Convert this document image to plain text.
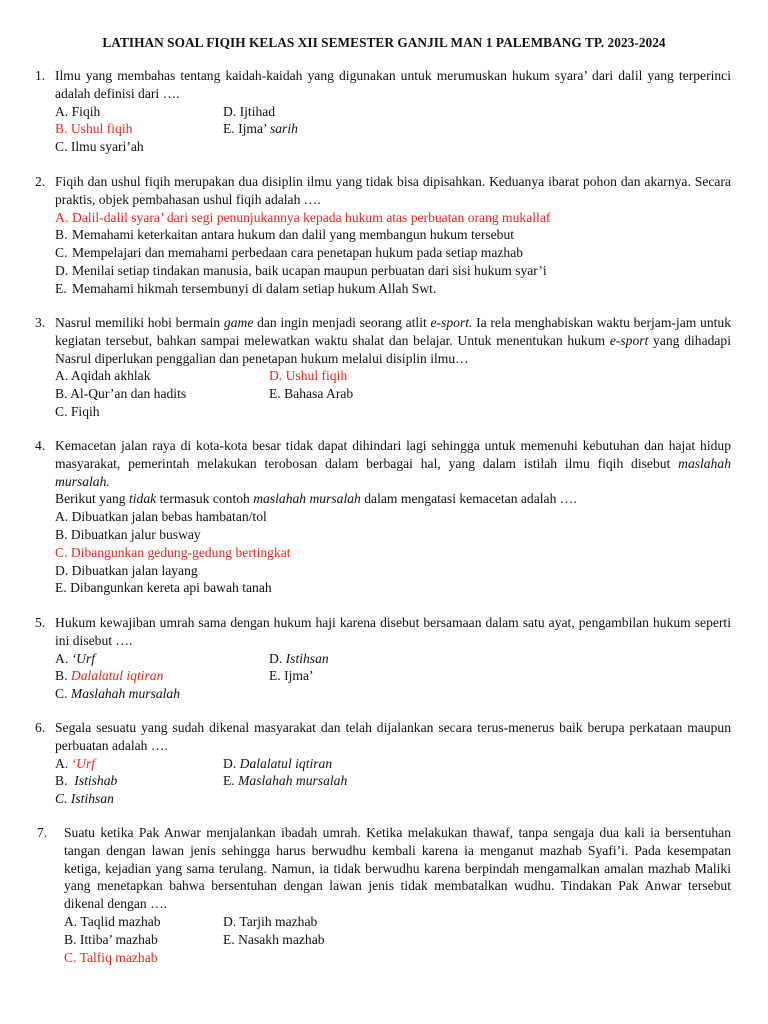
LATIHAN SOAL FIQIH KELAS XII SEMESTER GANJIL MAN 1 PALEMBANG TP. 2023-2024
1. Ilmu yang membahas tentang kaidah-kaidah yang digunakan untuk merumuskan hukum syara’ dari dalil yang terperinci adalah definisi dari ….
A. Fiqih	D. Ijtihad
B. Ushul fiqih	E. Ijma’ sarih
C. Ilmu syari’ah
2. Fiqih dan ushul fiqih merupakan dua disiplin ilmu yang tidak bisa dipisahkan. Keduanya ibarat pohon dan akarnya. Secara praktis, objek pembahasan ushul fiqih adalah ….
A. Dalil-dalil syara’ dari segi penunjukannya kepada hukum atas perbuatan orang mukallaf
B. Memahami keterkaitan antara hukum dan dalil yang membangun hukum tersebut
C. Mempelajari dan memahami perbedaan cara penetapan hukum pada setiap mazhab
D. Menilai setiap tindakan manusia, baik ucapan maupun perbuatan dari sisi hukum syar’i
E. Memahami hikmah tersembunyi di dalam setiap hukum Allah Swt.
3. Nasrul memiliki hobi bermain game dan ingin menjadi seorang atlit e-sport. Ia rela menghabiskan waktu berjam-jam untuk kegiatan tersebut, bahkan sampai melewatkan waktu shalat dan belajar. Untuk menentukan hukum e-sport yang dihadapi Nasrul diperlukan penggalian dan penetapan hukum melalui disiplin ilmu…
A. Aqidah akhlak	D. Ushul fiqih
B. Al-Qur’an dan hadits	E. Bahasa Arab
C. Fiqih
4. Kemacetan jalan raya di kota-kota besar tidak dapat dihindari lagi sehingga untuk memenuhi kebutuhan dan hajat hidup masyarakat, pemerintah melakukan terobosan dalam berbagai hal, yang dalam istilah ilmu fiqih disebut maslahah mursalah.
Berikut yang tidak termasuk contoh maslahah mursalah dalam mengatasi kemacetan adalah ….
A. Dibuatkan jalan bebas hambatan/tol
B. Dibuatkan jalur busway
C. Dibangunkan gedung-gedung bertingkat
D. Dibuatkan jalan layang
E. Dibangunkan kereta api bawah tanah
5. Hukum kewajiban umrah sama dengan hukum haji karena disebut bersamaan dalam satu ayat, pengambilan hukum seperti ini disebut ….
A. ‘Urf	D. Istihsan
B. Dalalatul iqtiran	E. Ijma’
C. Maslahah mursalah
6. Segala sesuatu yang sudah dikenal masyarakat dan telah dijalankan secara terus-menerus baik berupa perkataan maupun perbuatan adalah ….
A. ‘Urf	D. Dalalatul iqtiran
B.  Istishab	E. Maslahah mursalah
C. Istihsan
7. Suatu ketika Pak Anwar menjalankan ibadah umrah. Ketika melakukan thawaf, tanpa sengaja dua kali ia bersentuhan tangan dengan lawan jenis sehingga harus berwudhu kembali karena ia menganut mazhab Syafi’i. Pada kesempatan ketiga, kejadian yang sama terulang. Namun, ia tidak berwudhu karena berpindah mengamalkan amalan mazhab Maliki yang menetapkan bahwa bersentuhan dengan lawan jenis tidak membatalkan wudhu. Tindakan Pak Anwar tersebut dikenal dengan ….
A. Taqlid mazhab	D. Tarjih mazhab
B. Ittiba’ mazhab	E. Nasakh mazhab
C. Talfiq mazhab
